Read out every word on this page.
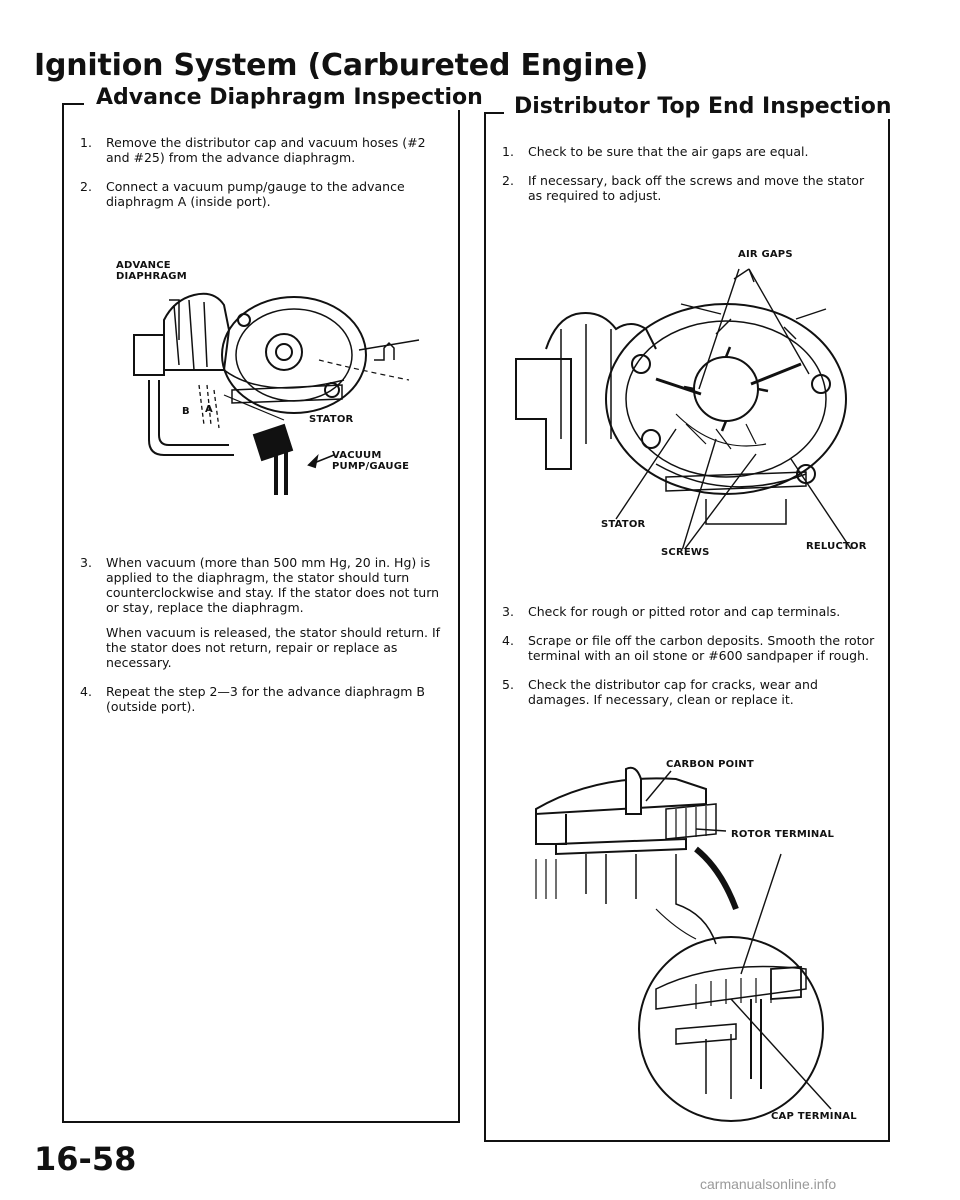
Ignition System (Carbureted Engine)
Advance Diaphragm Inspection
1. Remove the distributor cap and vacuum hoses (#2 and #25) from the advance diaphragm.

2. Connect a vacuum pump/gauge to the advance diaphragm A (inside port).

ADVANCE
DIAPHRAGM
STATOR
VACUUM
PUMP/GAUGE
A
B
3. When vacuum (more than 500 mm Hg, 20 in. Hg) is applied to the diaphragm, the stator should turn counterclockwise and stay. If the stator does not turn or stay, replace the diaphragm.

When vacuum is released, the stator should return. If the stator does not return, repair or replace as necessary.

4. Repeat the step 2—3 for the advance diaphragm B (outside port).

Distributor Top End Inspection
1. Check to be sure that the air gaps are equal.

2. If necessary, back off the screws and move the stator as required to adjust.

AIR GAPS
STATOR
SCREWS
RELUCTOR
3. Check for rough or pitted rotor and cap terminals.

4. Scrape or file off the carbon deposits. Smooth the rotor terminal with an oil stone or #600 sandpaper if rough.

5. Check the distributor cap for cracks, wear and damages. If necessary, clean or replace it.

CARBON POINT
ROTOR TERMINAL
CAP TERMINAL
16-58
carmanualsonline.info
